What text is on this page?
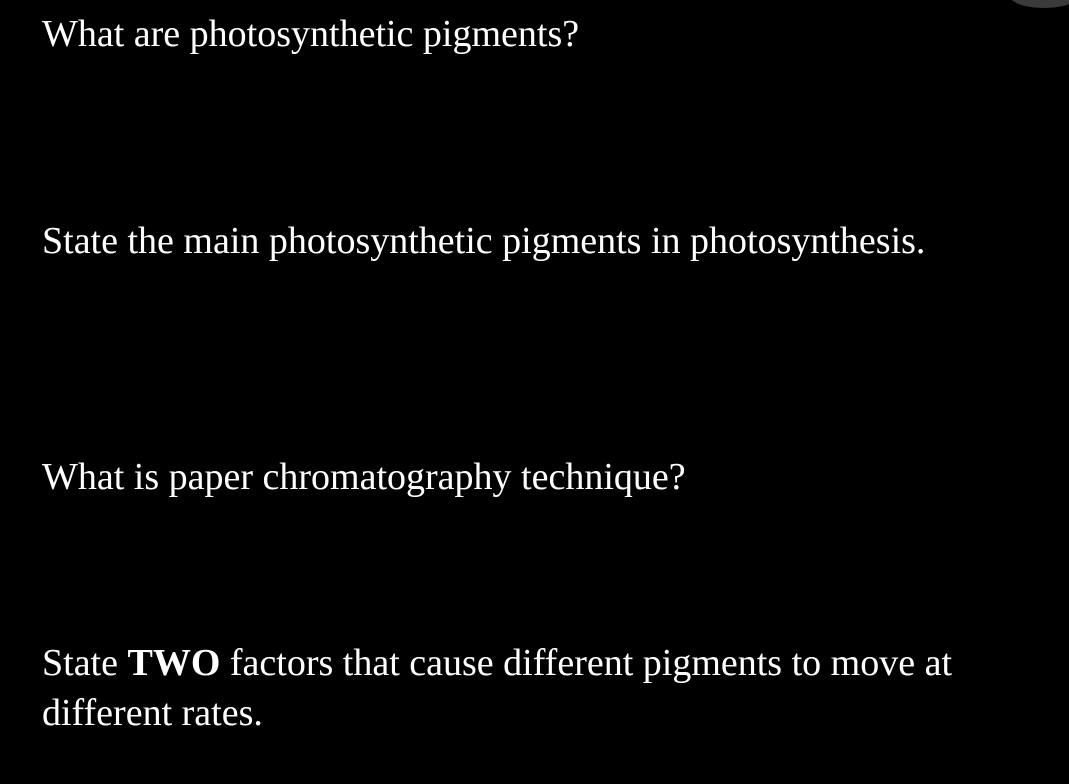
What are photosynthetic pigments?

State the main photosynthetic pigments in photosynthesis.

What is paper chromatography technique?

State TWO factors that cause different pigments to move at
different rates.
